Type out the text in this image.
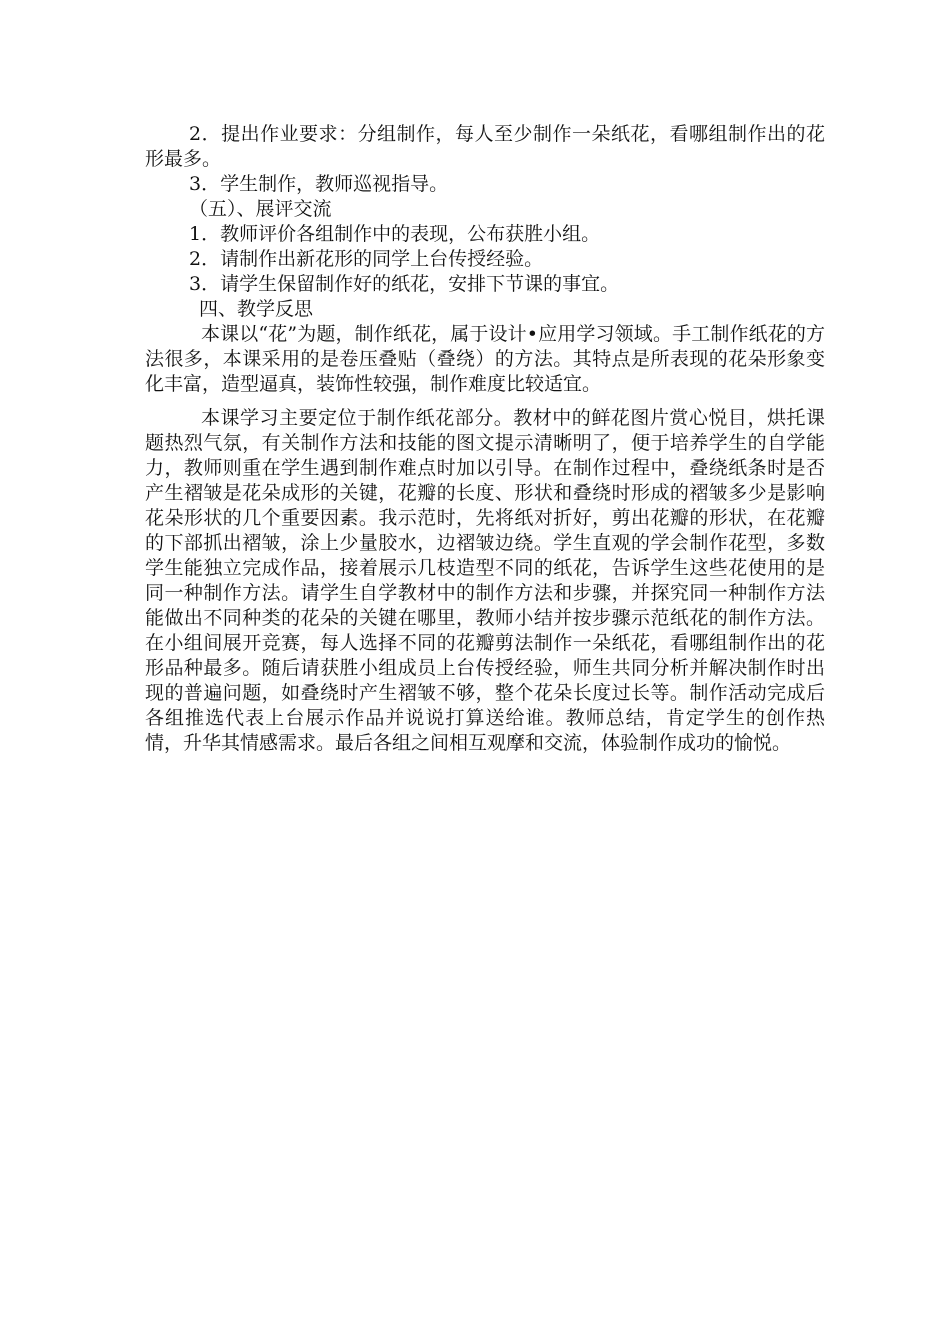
2．提出作业要求：分组制作，每人至少制作一朵纸花，看哪组制作出的花形最多。

3．学生制作，教师巡视指导。

（五）、展评交流

1．教师评价各组制作中的表现，公布获胜小组。

2．请制作出新花形的同学上台传授经验。

3．请学生保留制作好的纸花，安排下节课的事宜。

四、教学反思

本课以“花”为题，制作纸花，属于设计•应用学习领域。手工制作纸花的方法很多，本课采用的是卷压叠贴（叠绕）的方法。其特点是所表现的花朵形象变化丰富，造型逼真，装饰性较强，制作难度比较适宜。

本课学习主要定位于制作纸花部分。教材中的鲜花图片赏心悦目，烘托课题热烈气氛，有关制作方法和技能的图文提示清晰明了，便于培养学生的自学能力，教师则重在学生遇到制作难点时加以引导。在制作过程中，叠绕纸条时是否产生褶皱是花朵成形的关键，花瓣的长度、形状和叠绕时形成的褶皱多少是影响花朵形状的几个重要因素。我示范时，先将纸对折好，剪出花瓣的形状，在花瓣的下部抓出褶皱，涂上少量胶水，边褶皱边绕。学生直观的学会制作花型，多数学生能独立完成作品，接着展示几枝造型不同的纸花，告诉学生这些花使用的是同一种制作方法。请学生自学教材中的制作方法和步骤，并探究同一种制作方法能做出不同种类的花朵的关键在哪里，教师小结并按步骤示范纸花的制作方法。在小组间展开竞赛，每人选择不同的花瓣剪法制作一朵纸花，看哪组制作出的花形品种最多。随后请获胜小组成员上台传授经验，师生共同分析并解决制作时出现的普遍问题，如叠绕时产生褶皱不够，整个花朵长度过长等。制作活动完成后各组推选代表上台展示作品并说说打算送给谁。教师总结，肯定学生的创作热情，升华其情感需求。最后各组之间相互观摩和交流，体验制作成功的愉悦。
